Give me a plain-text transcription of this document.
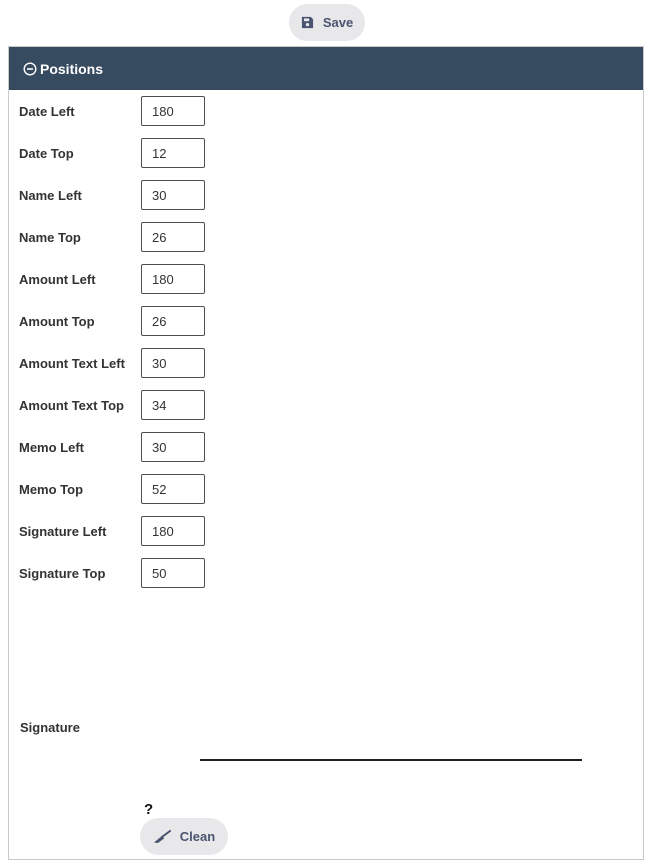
Save
Positions
Date Left
180
Date Top
12
Name Left
30
Name Top
26
Amount Left
180
Amount Top
26
Amount Text Left
30
Amount Text Top
34
Memo Left
30
Memo Top
52
Signature Left
180
Signature Top
50
Signature
?
Clean
